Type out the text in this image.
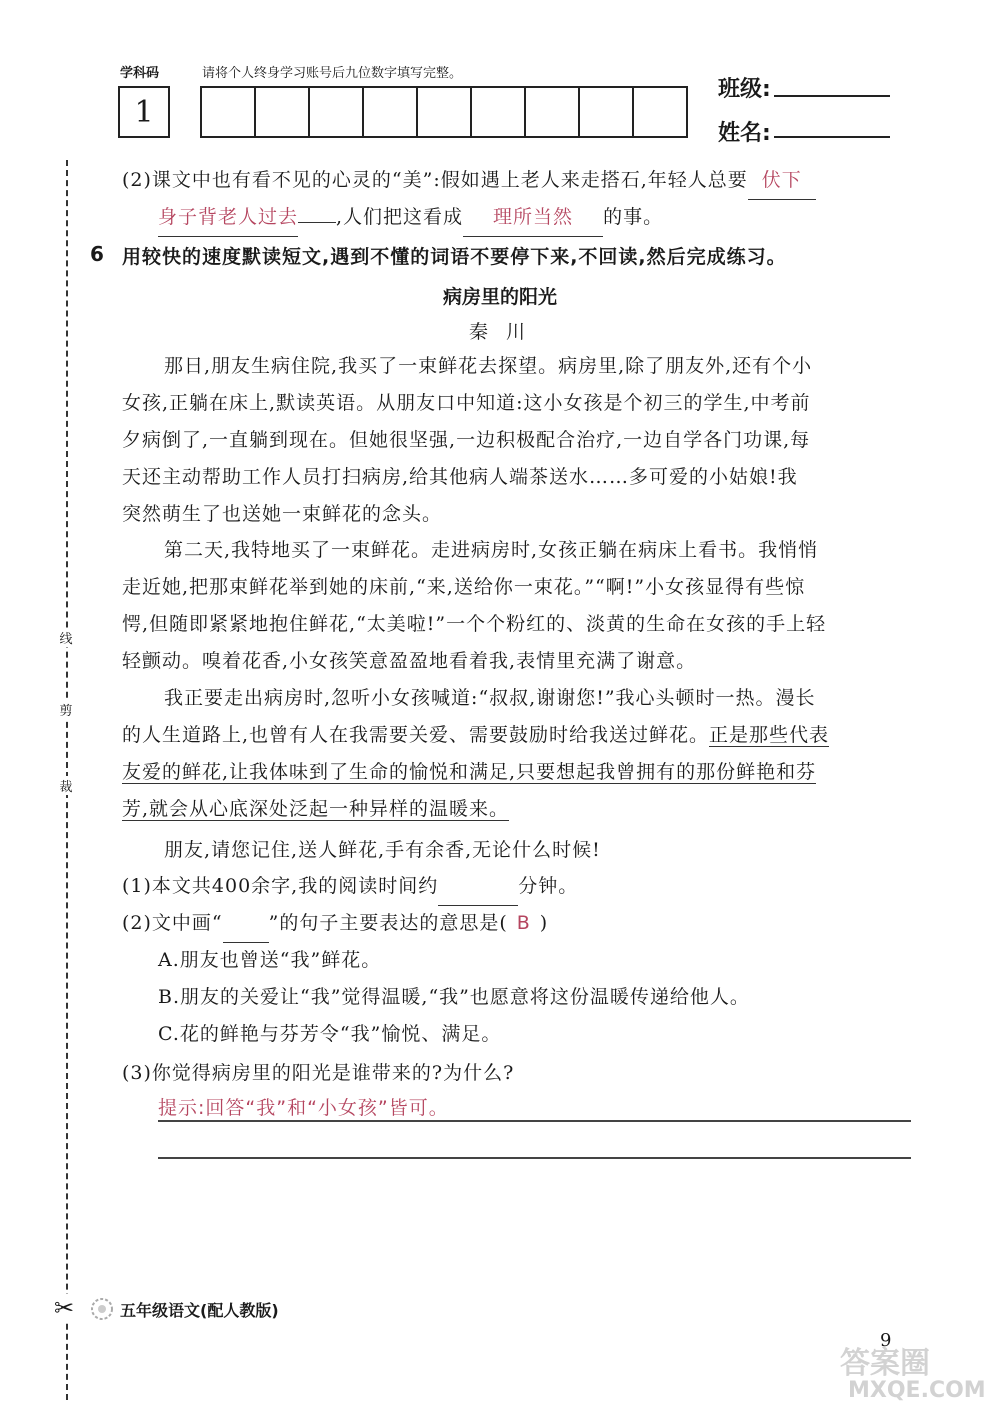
学科码	请将个人终身学习账号后九位数字填写完整。
1
班级:
姓名:
线
剪
裁
✂
(2)课文中也有看不见的心灵的“美”:假如遇上老人来走搭石,年轻人总要 伏下
身子背老人过去 ,人们把这看成 理所当然 的事。
6 用较快的速度默读短文,遇到不懂的词语不要停下来,不回读,然后完成练习。
病房里的阳光
秦 川
那日,朋友生病住院,我买了一束鲜花去探望。病房里,除了朋友外,还有个小
女孩,正躺在床上,默读英语。从朋友口中知道:这小女孩是个初三的学生,中考前
夕病倒了,一直躺到现在。但她很坚强,一边积极配合治疗,一边自学各门功课,每
天还主动帮助工作人员打扫病房,给其他病人端茶送水……多可爱的小姑娘!我
突然萌生了也送她一束鲜花的念头。
第二天,我特地买了一束鲜花。走进病房时,女孩正躺在病床上看书。我悄悄
走近她,把那束鲜花举到她的床前,“来,送给你一束花。”“啊!”小女孩显得有些惊
愕,但随即紧紧地抱住鲜花,“太美啦!”一个个粉红的、淡黄的生命在女孩的手上轻
轻颤动。嗅着花香,小女孩笑意盈盈地看着我,表情里充满了谢意。
我正要走出病房时,忽听小女孩喊道:“叔叔,谢谢您!”我心头顿时一热。漫长
的人生道路上,也曾有人在我需要关爱、需要鼓励时给我送过鲜花。正是那些代表
友爱的鲜花,让我体味到了生命的愉悦和满足,只要想起我曾拥有的那份鲜艳和芬
芳,就会从心底深处泛起一种异样的温暖来。
朋友,请您记住,送人鲜花,手有余香,无论什么时候!
(1)本文共400余字,我的阅读时间约	分钟。
(2)文中画“ ”的句子主要表达的意思是( B )
A.朋友也曾送“我”鲜花。
B.朋友的关爱让“我”觉得温暖,“我”也愿意将这份温暖传递给他人。
C.花的鲜艳与芬芳令“我”愉悦、满足。
(3)你觉得病房里的阳光是谁带来的?为什么?
提示:回答“我”和“小女孩”皆可。
五年级语文(配人教版)
9
答案圈
MXQE.COM
